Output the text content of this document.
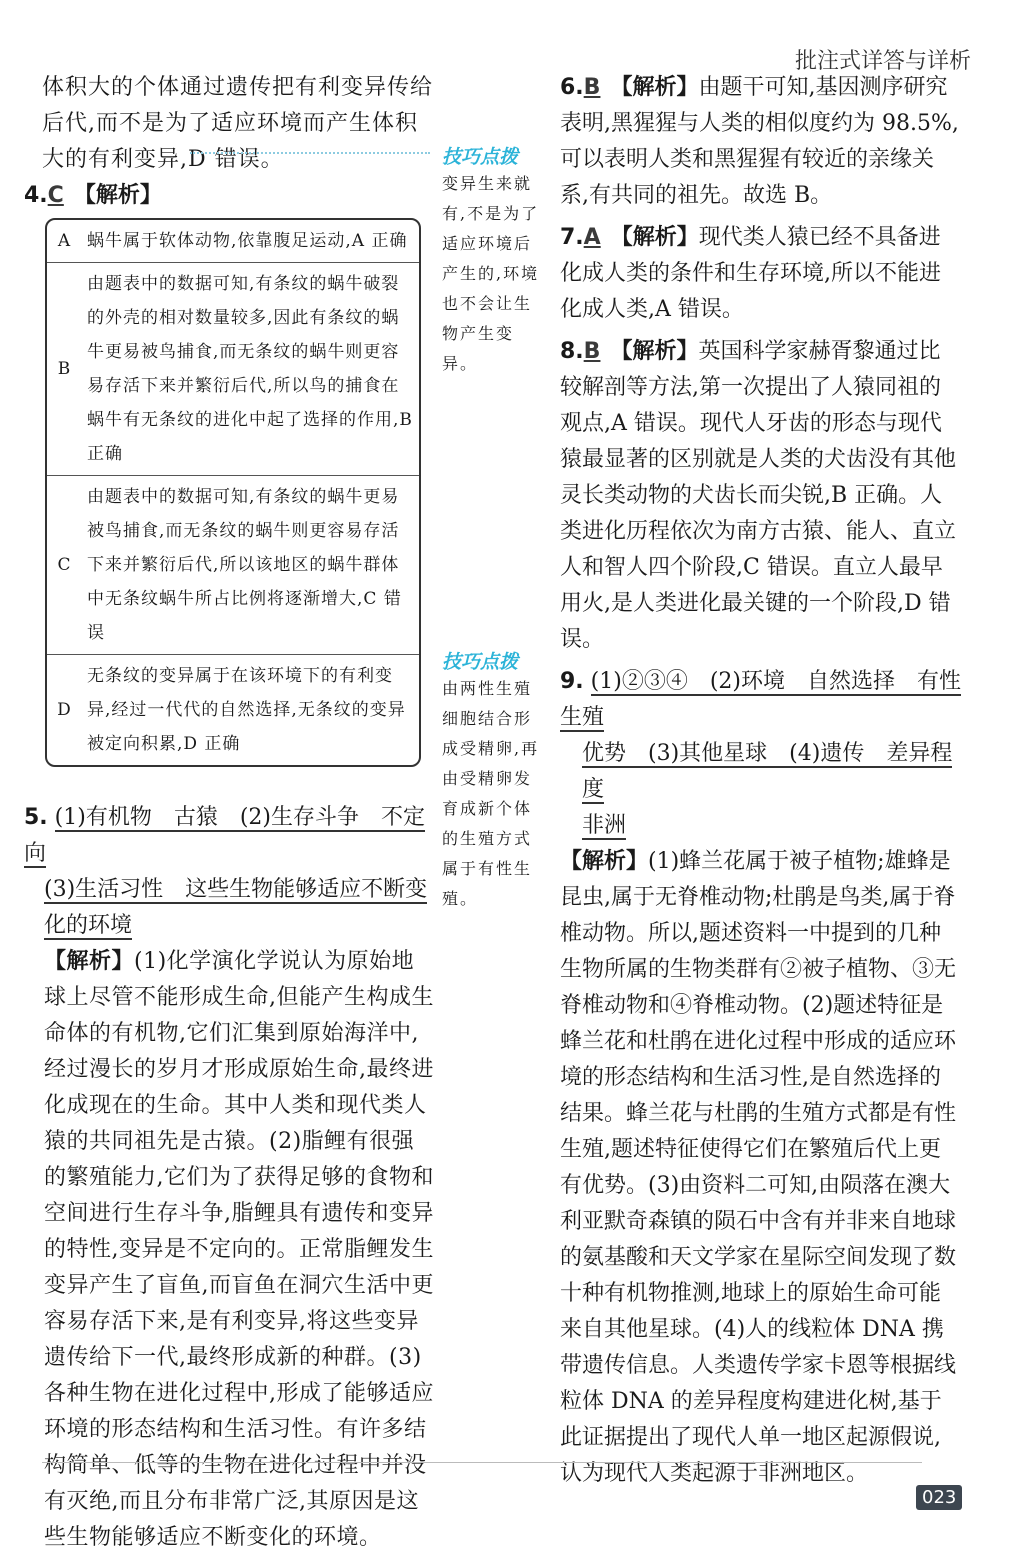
批注式详答与详析

体积大的个体通过遗传把有利变异传给后代,而不是为了适应环境而产生体积大的有利变异,D 错误。

4.C 【解析】
A 蜗牛属于软体动物,依靠腹足运动,A 正确
B
由题表中的数据可知,有条纹的蜗牛破裂的外壳的相对数量较多,因此有条纹的蜗牛更易被鸟捕食,而无条纹的蜗牛则更容易存活下来并繁衍后代,所以鸟的捕食在蜗牛有无条纹的进化中起了选择的作用,B 正确
C
由题表中的数据可知,有条纹的蜗牛更易被鸟捕食,而无条纹的蜗牛则更容易存活下来并繁衍后代,所以该地区的蜗牛群体中无条纹蜗牛所占比例将逐渐增大,C 错误
D
无条纹的变异属于在该环境下的有利变异,经过一代代的自然选择,无条纹的变异被定向积累,D 正确
5. (1)有机物　古猿　(2)生存斗争　不定向
(3)生活习性　这些生物能够适应不断变化的环境

【解析】(1)化学演化学说认为原始地球上尽管不能形成生命,但能产生构成生命体的有机物,它们汇集到原始海洋中,经过漫长的岁月才形成原始生命,最终进化成现在的生命。其中人类和现代类人猿的共同祖先是古猿。(2)脂鲤有很强的繁殖能力,它们为了获得足够的食物和空间进行生存斗争,脂鲤具有遗传和变异的特性,变异是不定向的。正常脂鲤发生变异产生了盲鱼,而盲鱼在洞穴生活中更容易存活下来,是有利变异,将这些变异遗传给下一代,最终形成新的种群。(3)各种生物在进化过程中,形成了能够适应环境的形态结构和生活习性。有许多结构简单、低等的生物在进化过程中并没有灭绝,而且分布非常广泛,其原因是这些生物能够适应不断变化的环境。

技巧点拨
变异生来就有,不是为了适应环境后产生的,环境也不会让生物产生变异。
技巧点拨
由两性生殖细胞结合形成受精卵,再由受精卵发育成新个体的生殖方式属于有性生殖。

6.B 【解析】由题干可知,基因测序研究表明,黑猩猩与人类的相似度约为 98.5%,可以表明人类和黑猩猩有较近的亲缘关系,有共同的祖先。故选 B。

7.A 【解析】现代类人猿已经不具备进化成人类的条件和生存环境,所以不能进化成人类,A 错误。

8.B 【解析】英国科学家赫胥黎通过比较解剖等方法,第一次提出了人猿同祖的观点,A 错误。现代人牙齿的形态与现代猿最显著的区别就是人类的犬齿没有其他灵长类动物的犬齿长而尖锐,B 正确。人类进化历程依次为南方古猿、能人、直立人和智人四个阶段,C 错误。直立人最早用火,是人类进化最关键的一个阶段,D 错误。

9. (1)②③④　(2)环境　自然选择　有性生殖
优势　(3)其他星球　(4)遗传　差异程度
非洲

【解析】(1)蜂兰花属于被子植物;雄蜂是昆虫,属于无脊椎动物;杜鹃是鸟类,属于脊椎动物。所以,题述资料一中提到的几种生物所属的生物类群有②被子植物、③无脊椎动物和④脊椎动物。(2)题述特征是蜂兰花和杜鹃在进化过程中形成的适应环境的形态结构和生活习性,是自然选择的结果。蜂兰花与杜鹃的生殖方式都是有性生殖,题述特征使得它们在繁殖后代上更有优势。(3)由资料二可知,由陨落在澳大利亚默奇森镇的陨石中含有并非来自地球的氨基酸和天文学家在星际空间发现了数十种有机物推测,地球上的原始生命可能来自其他星球。(4)人的线粒体 DNA 携带遗传信息。人类遗传学家卡恩等根据线粒体 DNA 的差异程度构建进化树,基于此证据提出了现代人单一地区起源假说,认为现代人类起源于非洲地区。

023
